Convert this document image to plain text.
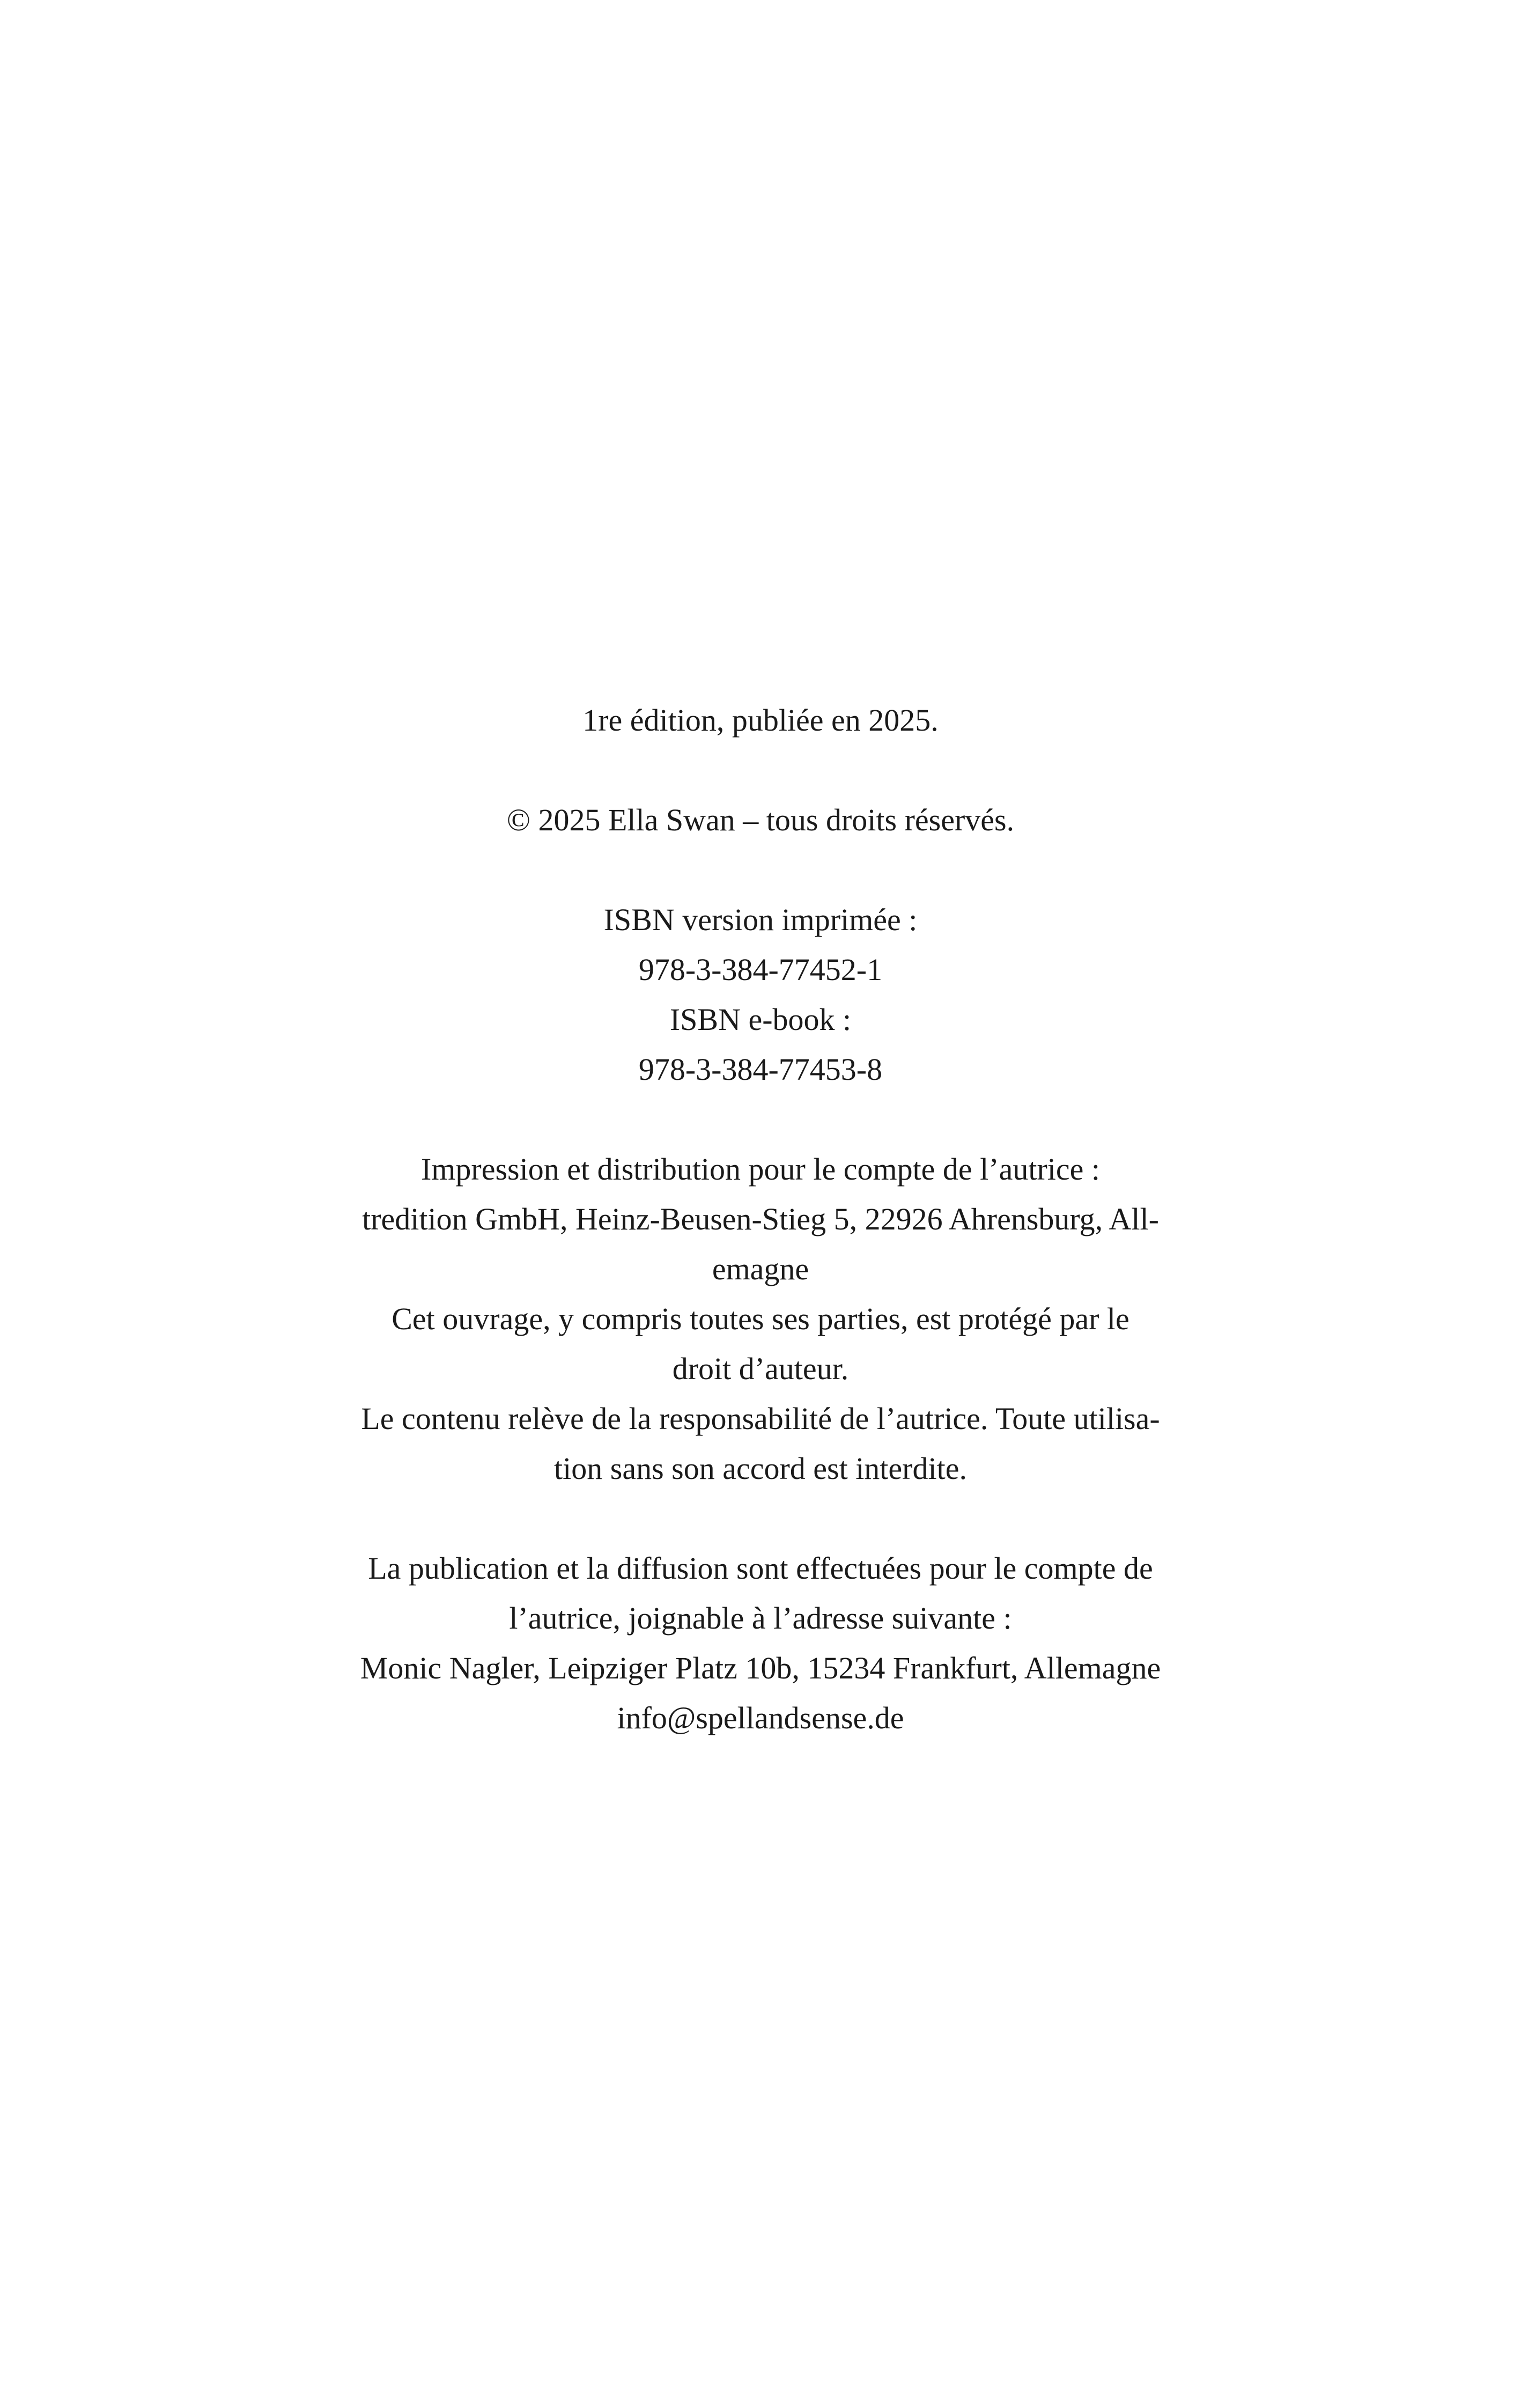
1re édition, publiée en 2025.
© 2025 Ella Swan – tous droits réservés.
ISBN version imprimée :
978-3-384-77452-1
ISBN e-book :
978-3-384-77453-8
Impression et distribution pour le compte de l’autrice :
tredition GmbH, Heinz-Beusen-Stieg 5, 22926 Ahrensburg, All-
emagne
Cet ouvrage, y compris toutes ses parties, est protégé par le
droit d’auteur.
Le contenu relève de la responsabilité de l’autrice. Toute utilisa-
tion sans son accord est interdite.
La publication et la diffusion sont effectuées pour le compte de
l’autrice, joignable à l’adresse suivante :
Monic Nagler, Leipziger Platz 10b, 15234 Frankfurt, Allemagne
info@spellandsense.de
